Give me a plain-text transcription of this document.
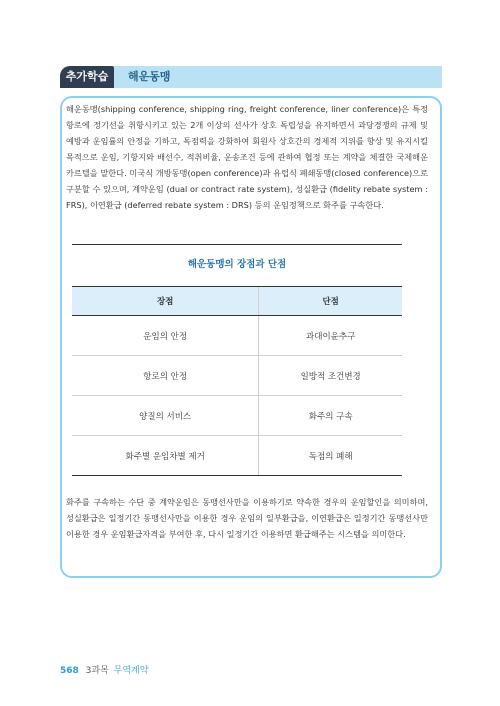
추가학습	해운동맹

해운동맹(shipping conference, shipping ring, freight conference, liner conference)은 특정항로에 정기선을 취항시키고 있는 2개 이상의 선사가 상호 독립성을 유지하면서 과당경쟁의 규제 및 예방과 운임률의 안정을 기하고, 독점력을 강화하여 회원사 상호간의 경제적 지위를 향상 및 유지시킬 목적으로 운임, 기항지와 배선수, 적취비율, 운송조건 등에 관하여 협정 또는 계약을 체결한 국제해운 카르텔을 말한다. 미국식 개방동맹(open conference)과 유럽식 폐쇄동맹(closed conference)으로 구분할 수 있으며, 계약운임 (dual or contract rate system), 성실환급 (fidelity rebate system : FRS), 이연환급 (deferred rebate system : DRS) 등의 운임정책으로 화주를 구속한다.

해운동맹의 장점과 단점
장점	단점
운임의 안정	과대이윤추구
항로의 안정	일방적 조건변경
양질의 서비스	화주의 구속
화주별 운임차별 제거	독점의 폐해

화주를 구속하는 수단 중 계약운임은 동맹선사만을 이용하기로 약속한 경우의 운임할인을 의미하며, 성실환급은 일정기간 동맹선사만을 이용한 경우 운임의 일부환급을, 이연환급은 일정기간 동맹선사만 이용한 경우 운임환급자격을 부여한 후, 다시 일정기간 이용하면 환급해주는 시스템을 의미한다.

568 3과목 무역계약
